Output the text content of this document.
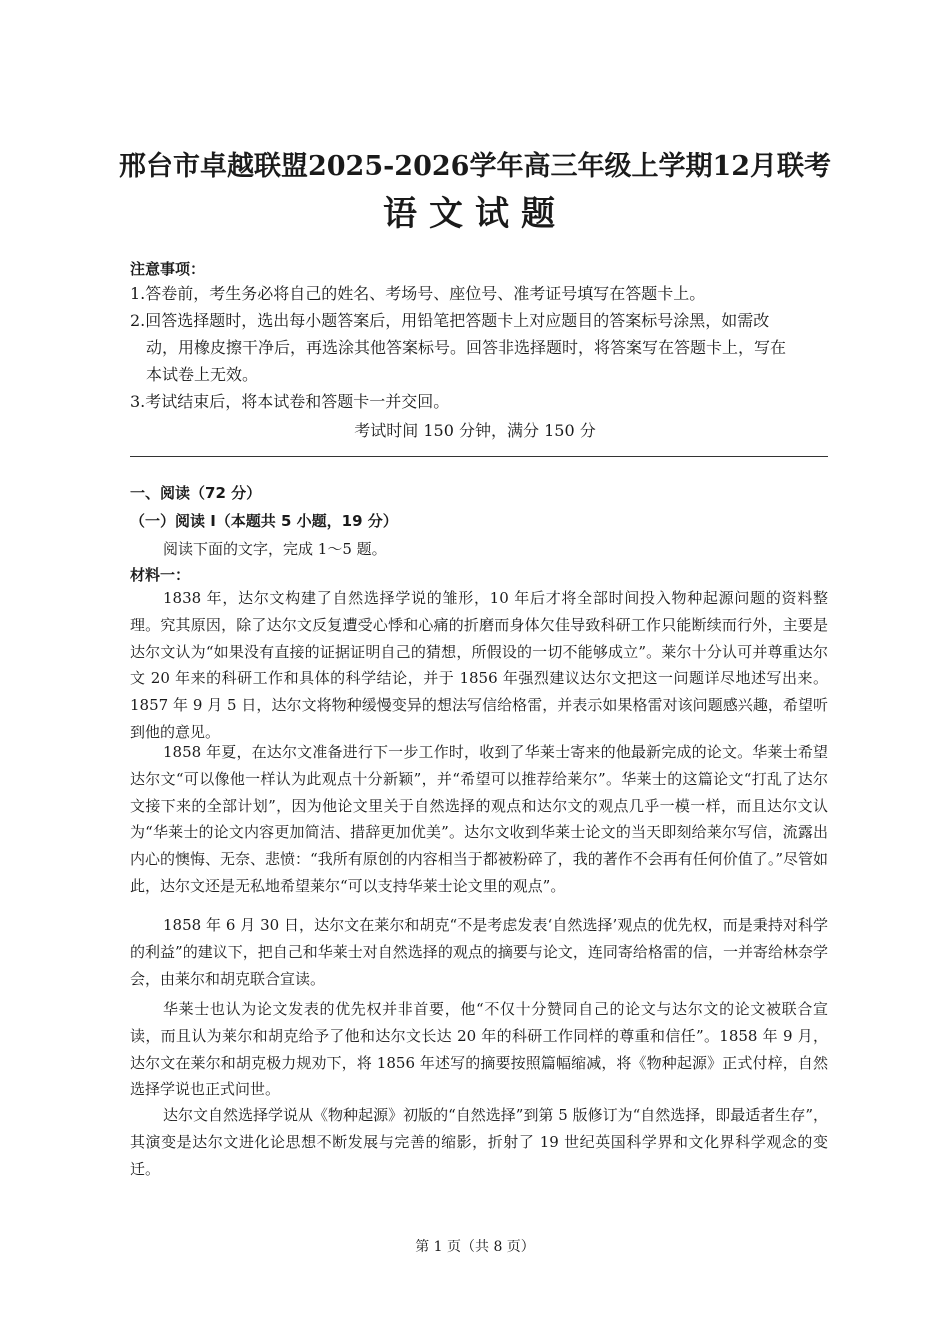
邢台市卓越联盟2025-2026学年高三年级上学期12月联考
语文试题
注意事项：
1.答卷前，考生务必将自己的姓名、考场号、座位号、准考证号填写在答题卡上。
2.回答选择题时，选出每小题答案后，用铅笔把答题卡上对应题目的答案标号涂黑，如需改
动，用橡皮擦干净后，再选涂其他答案标号。回答非选择题时，将答案写在答题卡上，写在
本试卷上无效。
3.考试结束后，将本试卷和答题卡一并交回。
考试时间 150 分钟，满分 150 分
一、阅读（72 分）
（一）阅读 I（本题共 5 小题，19 分）
阅读下面的文字，完成 1～5 题。
材料一：
1838 年，达尔文构建了自然选择学说的雏形，10 年后才将全部时间投入物种起源问题的资料整理。究其原因，除了达尔文反复遭受心悸和心痛的折磨而身体欠佳导致科研工作只能断续而行外，主要是达尔文认为“如果没有直接的证据证明自己的猜想，所假设的一切不能够成立”。莱尔十分认可并尊重达尔文 20 年来的科研工作和具体的科学结论，并于 1856 年强烈建议达尔文把这一问题详尽地述写出来。1857 年 9 月 5 日，达尔文将物种缓慢变异的想法写信给格雷，并表示如果格雷对该问题感兴趣，希望听到他的意见。
1858 年夏，在达尔文准备进行下一步工作时，收到了华莱士寄来的他最新完成的论文。华莱士希望达尔文“可以像他一样认为此观点十分新颖”，并“希望可以推荐给莱尔”。华莱士的这篇论文“打乱了达尔文接下来的全部计划”，因为他论文里关于自然选择的观点和达尔文的观点几乎一模一样，而且达尔文认为“华莱士的论文内容更加简洁、措辞更加优美”。达尔文收到华莱士论文的当天即刻给莱尔写信，流露出内心的懊悔、无奈、悲愤：“我所有原创的内容相当于都被粉碎了，我的著作不会再有任何价值了。”尽管如此，达尔文还是无私地希望莱尔“可以支持华莱士论文里的观点”。
1858 年 6 月 30 日，达尔文在莱尔和胡克“不是考虑发表‘自然选择’观点的优先权，而是秉持对科学的利益”的建议下，把自己和华莱士对自然选择的观点的摘要与论文，连同寄给格雷的信，一并寄给林奈学会，由莱尔和胡克联合宣读。
华莱士也认为论文发表的优先权并非首要，他“不仅十分赞同自己的论文与达尔文的论文被联合宣读，而且认为莱尔和胡克给予了他和达尔文长达 20 年的科研工作同样的尊重和信任”。1858 年 9 月，达尔文在莱尔和胡克极力规劝下，将 1856 年述写的摘要按照篇幅缩减，将《物种起源》正式付梓，自然选择学说也正式问世。
达尔文自然选择学说从《物种起源》初版的“自然选择”到第 5 版修订为“自然选择，即最适者生存”，其演变是达尔文进化论思想不断发展与完善的缩影，折射了 19 世纪英国科学界和文化界科学观念的变迁。
第 1 页（共 8 页）
